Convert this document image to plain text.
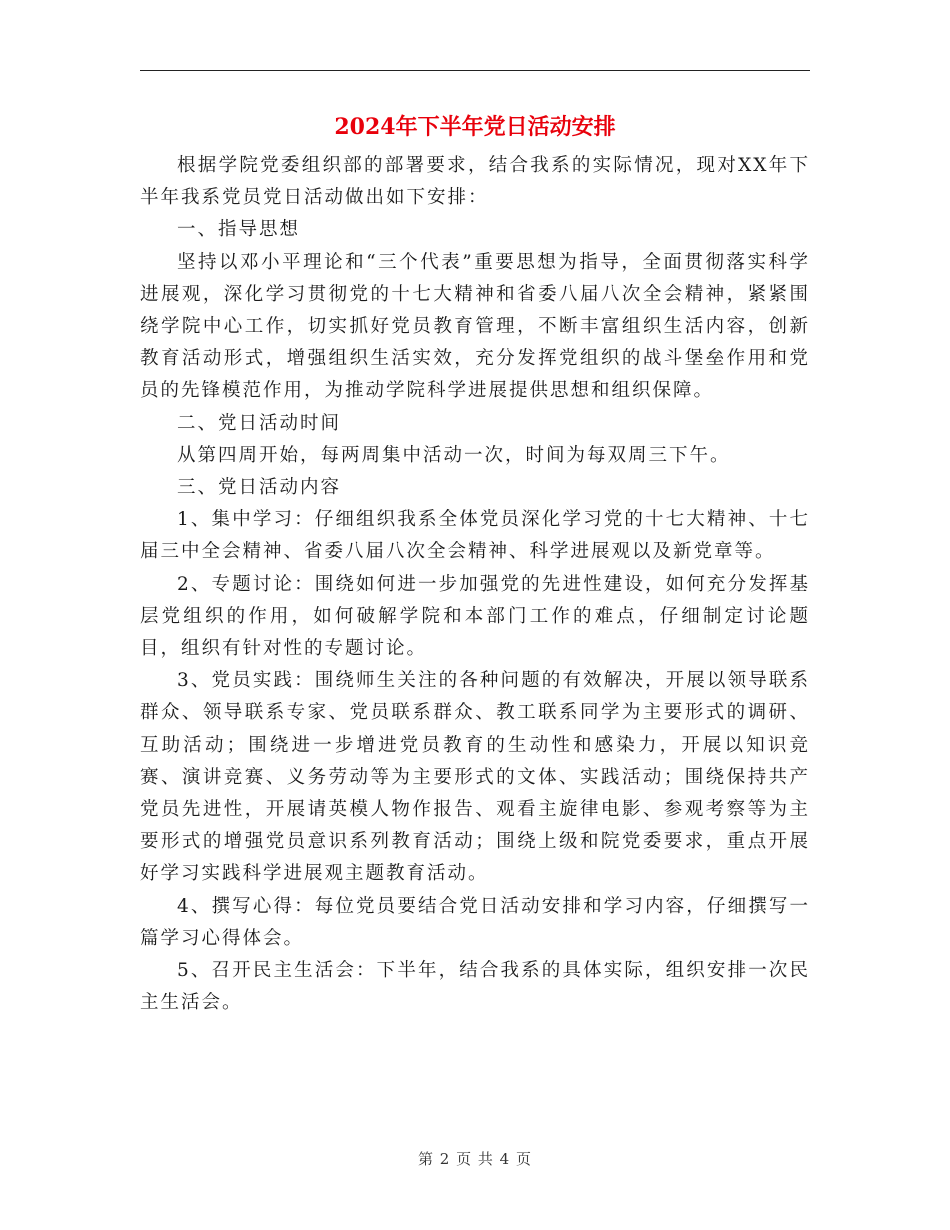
2024年下半年党日活动安排

根据学院党委组织部的部署要求，结合我系的实际情况，现对XX年下半年我系党员党日活动做出如下安排：

一、指导思想

坚持以邓小平理论和“三个代表”重要思想为指导，全面贯彻落实科学进展观，深化学习贯彻党的十七大精神和省委八届八次全会精神，紧紧围绕学院中心工作，切实抓好党员教育管理，不断丰富组织生活内容，创新教育活动形式，增强组织生活实效，充分发挥党组织的战斗堡垒作用和党员的先锋模范作用，为推动学院科学进展提供思想和组织保障。

二、党日活动时间

从第四周开始，每两周集中活动一次，时间为每双周三下午。

三、党日活动内容

1、集中学习：仔细组织我系全体党员深化学习党的十七大精神、十七届三中全会精神、省委八届八次全会精神、科学进展观以及新党章等。

2、专题讨论：围绕如何进一步加强党的先进性建设，如何充分发挥基层党组织的作用，如何破解学院和本部门工作的难点，仔细制定讨论题目，组织有针对性的专题讨论。

3、党员实践：围绕师生关注的各种问题的有效解决，开展以领导联系群众、领导联系专家、党员联系群众、教工联系同学为主要形式的调研、互助活动；围绕进一步增进党员教育的生动性和感染力，开展以知识竞赛、演讲竞赛、义务劳动等为主要形式的文体、实践活动；围绕保持共产党员先进性，开展请英模人物作报告、观看主旋律电影、参观考察等为主要形式的增强党员意识系列教育活动；围绕上级和院党委要求，重点开展好学习实践科学进展观主题教育活动。

4、撰写心得：每位党员要结合党日活动安排和学习内容，仔细撰写一篇学习心得体会。

5、召开民主生活会：下半年，结合我系的具体实际，组织安排一次民主生活会。

第 2 页 共 4 页
